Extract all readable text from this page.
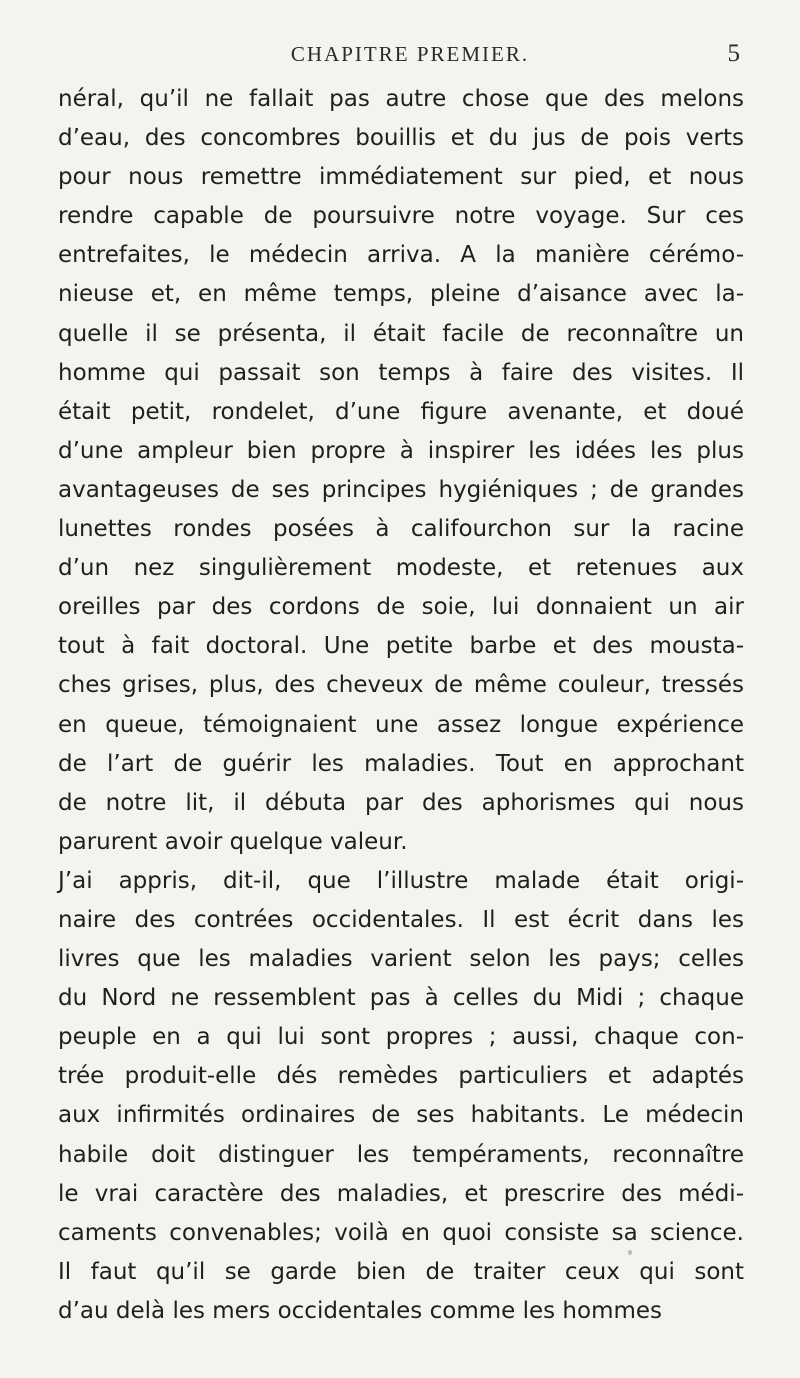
CHAPITRE PREMIER.	5
néral, qu’il ne fallait pas autre chose que des melons
d’eau, des concombres bouillis et du jus de pois verts
pour nous remettre immédiatement sur pied, et nous
rendre capable de poursuivre notre voyage. Sur ces
entrefaites, le médecin arriva. A la manière cérémo-
nieuse et, en même temps, pleine d’aisance avec la-
quelle il se présenta, il était facile de reconnaître un
homme qui passait son temps à faire des visites. Il
était petit, rondelet, d’une figure avenante, et doué
d’une ampleur bien propre à inspirer les idées les plus
avantageuses de ses principes hygiéniques ; de grandes
lunettes rondes posées à califourchon sur la racine
d’un nez singulièrement modeste, et retenues aux
oreilles par des cordons de soie, lui donnaient un air
tout à fait doctoral. Une petite barbe et des mousta-
ches grises, plus, des cheveux de même couleur, tressés
en queue, témoignaient une assez longue expérience
de l’art de guérir les maladies. Tout en approchant
de notre lit, il débuta par des aphorismes qui nous
parurent avoir quelque valeur.
J’ai appris, dit-il, que l’illustre malade était origi-
naire des contrées occidentales. Il est écrit dans les
livres que les maladies varient selon les pays; celles
du Nord ne ressemblent pas à celles du Midi ; chaque
peuple en a qui lui sont propres ; aussi, chaque con-
trée produit-elle dés remèdes particuliers et adaptés
aux infirmités ordinaires de ses habitants. Le médecin
habile doit distinguer les tempéraments, reconnaître
le vrai caractère des maladies, et prescrire des médi-
caments convenables; voilà en quoi consiste sa science.
Il faut qu’il se garde bien de traiter ceux qui sont
d’au delà les mers occidentales comme les hommes
